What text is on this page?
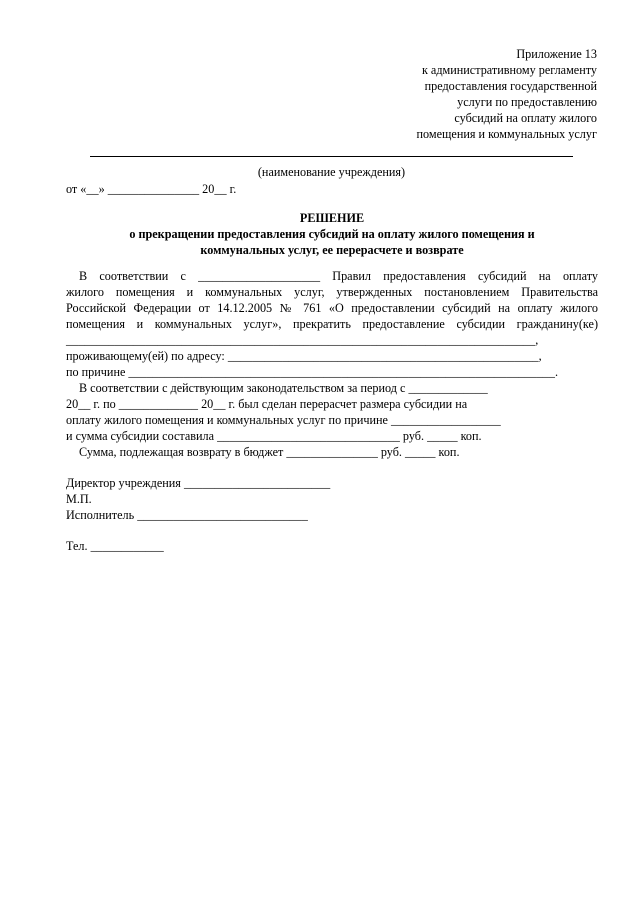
Приложение 13
к административному регламенту
предоставления государственной
услуги по предоставлению
субсидий на оплату жилого
помещения и коммунальных услуг
(наименование учреждения)
от «__» _______________ 20__ г.
РЕШЕНИЕ
о прекращении предоставления субсидий на оплату жилого помещения и
коммунальных услуг, ее перерасчете и возврате
В соответствии с ____________________ Правил предоставления субсидий на оплату
жилого помещения и коммунальных услуг, утвержденных постановлением Правительства
Российской Федерации от 14.12.2005 № 761 «О предоставлении субсидий на оплату жилого
помещения и коммунальных услуг», прекратить предоставление субсидии гражданину(ке)
_____________________________________________________________________________,
проживающему(ей) по адресу: ___________________________________________________,
по причине ______________________________________________________________________.
В соответствии с действующим законодательством за период с _____________
20__ г. по _____________ 20__ г. был сделан перерасчет размера субсидии на
оплату жилого помещения и коммунальных услуг по причине __________________
и сумма субсидии составила ______________________________ руб. _____ коп.
Сумма, подлежащая возврату в бюджет _______________ руб. _____ коп.
Директор учреждения ________________________
М.П.
Исполнитель ____________________________
Тел. ____________
